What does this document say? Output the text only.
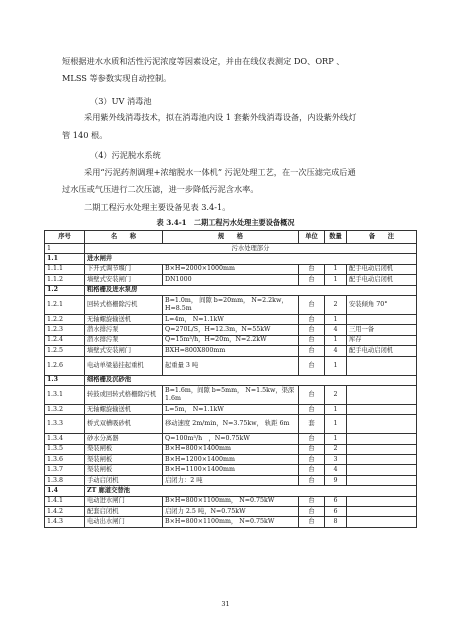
短根据进水水质和活性污泥浓度等因素设定，并由在线仪表测定 DO、ORP 、
MLSS 等参数实现自动控制。
（3）UV 消毒池
采用紫外线消毒技术，拟在消毒池内设 1 套紫外线消毒设备，内设紫外线灯
管 140 根。
（4）污泥脱水系统
采用“污泥药剂调理+浓缩脱水一体机” 污泥处理工艺，在一次压滤完成后通
过水压或气压进行二次压滤，进一步降低污泥含水率。
二期工程污水处理主要设备见表 3.4-1。
表 3.4-1　二期工程污水处理主要设备概况
序号	名　　称	规　　格	单位	数量	备　　注
1	污水处理部分				
1.1	进水闸井				
1.1.1	下开式调节堰门	B×H=2000×1000mm	台	1	配手电动启闭机
1.1.2	墙壁式安装闸门	DN1000	台	1	配手电动启闭机
1.2	粗格栅及进水泵房				
1.2.1	回转式格栅除污机	B=1.0m， 间隙 b=20mm， N=2.2kw，H=8.5m	台	2	安装倾角 70°
1.2.2	无轴螺旋输送机	L=4m， N=1.1kW	台	1	
1.2.3	潜水排污泵	Q=270L/S，H=12.3m，N=55kW	台	4	三用一备
1.2.4	潜水排污泵	Q=15m³/h，H=20m，N=2.2kW	台	1	库存
1.2.5	墙壁式安装闸门	BXH=800X800mm	台	4	配手电动启闭机
1.2.6	电动单梁悬挂起重机	起重量 3 吨	台	1	
1.3	细格栅及沉砂池				
1.3.1	转鼓或回转式格栅除污机	B=1.6m，间隙 b=5mm， N=1.5kw，渠深 1.6m	台	2	
1.3.2	无轴螺旋输送机	L=5m， N=1.1kW	台	1	
1.3.3	桥式双槽吸砂机	移动速度 2m/min，N=3.75kw， 轨距 6m	套	1	
1.3.4	砂水分离器	Q=100m³/h　，N=0.75kW	台	1	
1.3.5	渠装闸板	B×H=800×1400mm	台	2	
1.3.6	渠装闸板	B×H=1200×1400mm	台	3	
1.3.7	渠装闸板	B×H=1100×1400mm	台	4	
1.3.8	手动启闭机	启闭力：2 吨	台	9	
1.4	ZT 廊道交替池				
1.4.1	电动进水闸门	B×H=800×1100mm， N=0.75kW	台	6	
1.4.2	配套启闭机	启闭力 2.5 吨，N=0.75kW	台	6	
1.4.3	电动出水闸门	B×H=800×1100mm， N=0.75kW	台	8	
31
